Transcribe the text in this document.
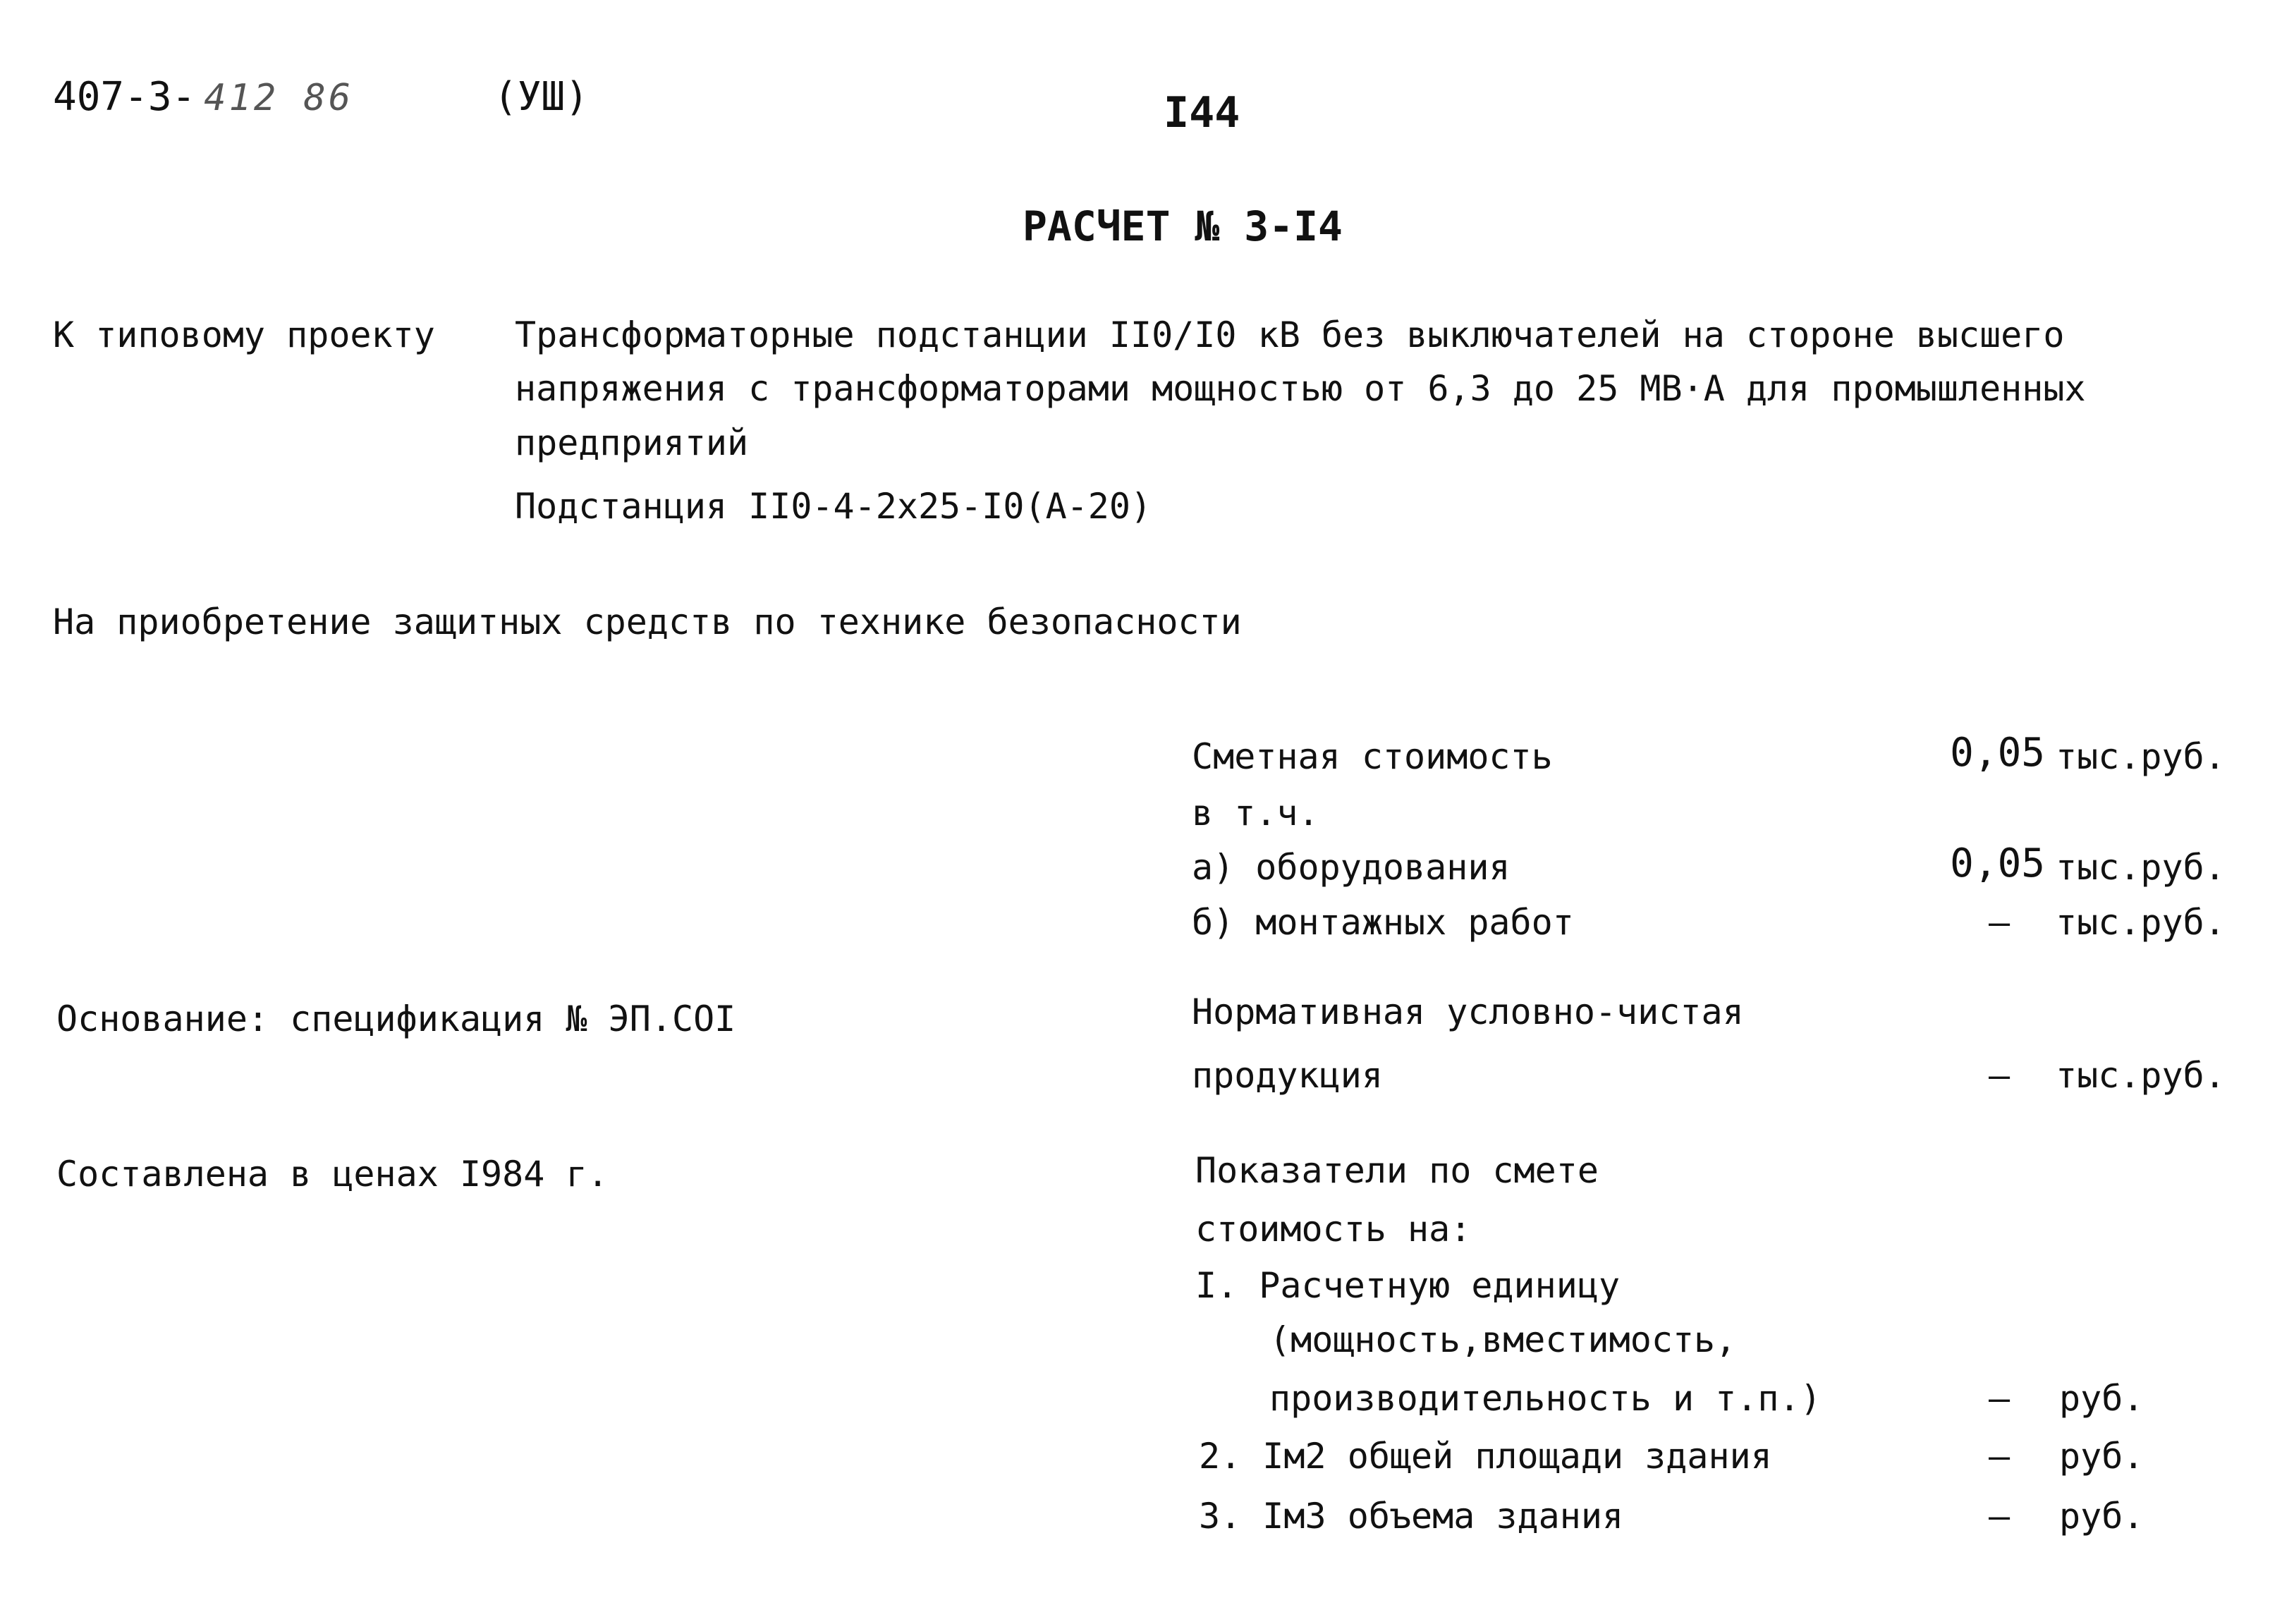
407-3- 412 86	(УШ)	I44
РАСЧЕТ № 3-I4
К типовому проекту Трансформаторные подстанции II0/I0 кВ без выключателей на стороне высшего
напряжения с трансформаторами мощностью от 6,3 до 25 МВ·А для промышленных
предприятий
Подстанция II0-4-2х25-I0(А-20)
На приобретение защитных средств по технике безопасности
Сметная стоимость	0,05 тыс.руб.
в т.ч.
а) оборудования	0,05 тыс.руб.
б) монтажных работ	– тыс.руб.
Основание: спецификация № ЭП.СОI	Нормативная условно-чистая
продукция	– тыс.руб.
Составлена в ценах I984 г.	Показатели по смете
стоимость на:
I. Расчетную единицу
(мощность,вместимость,
производительность и т.п.)	– руб.
2. Iм2 общей площади здания	– руб.
3. Iм3 объема здания	– руб.
